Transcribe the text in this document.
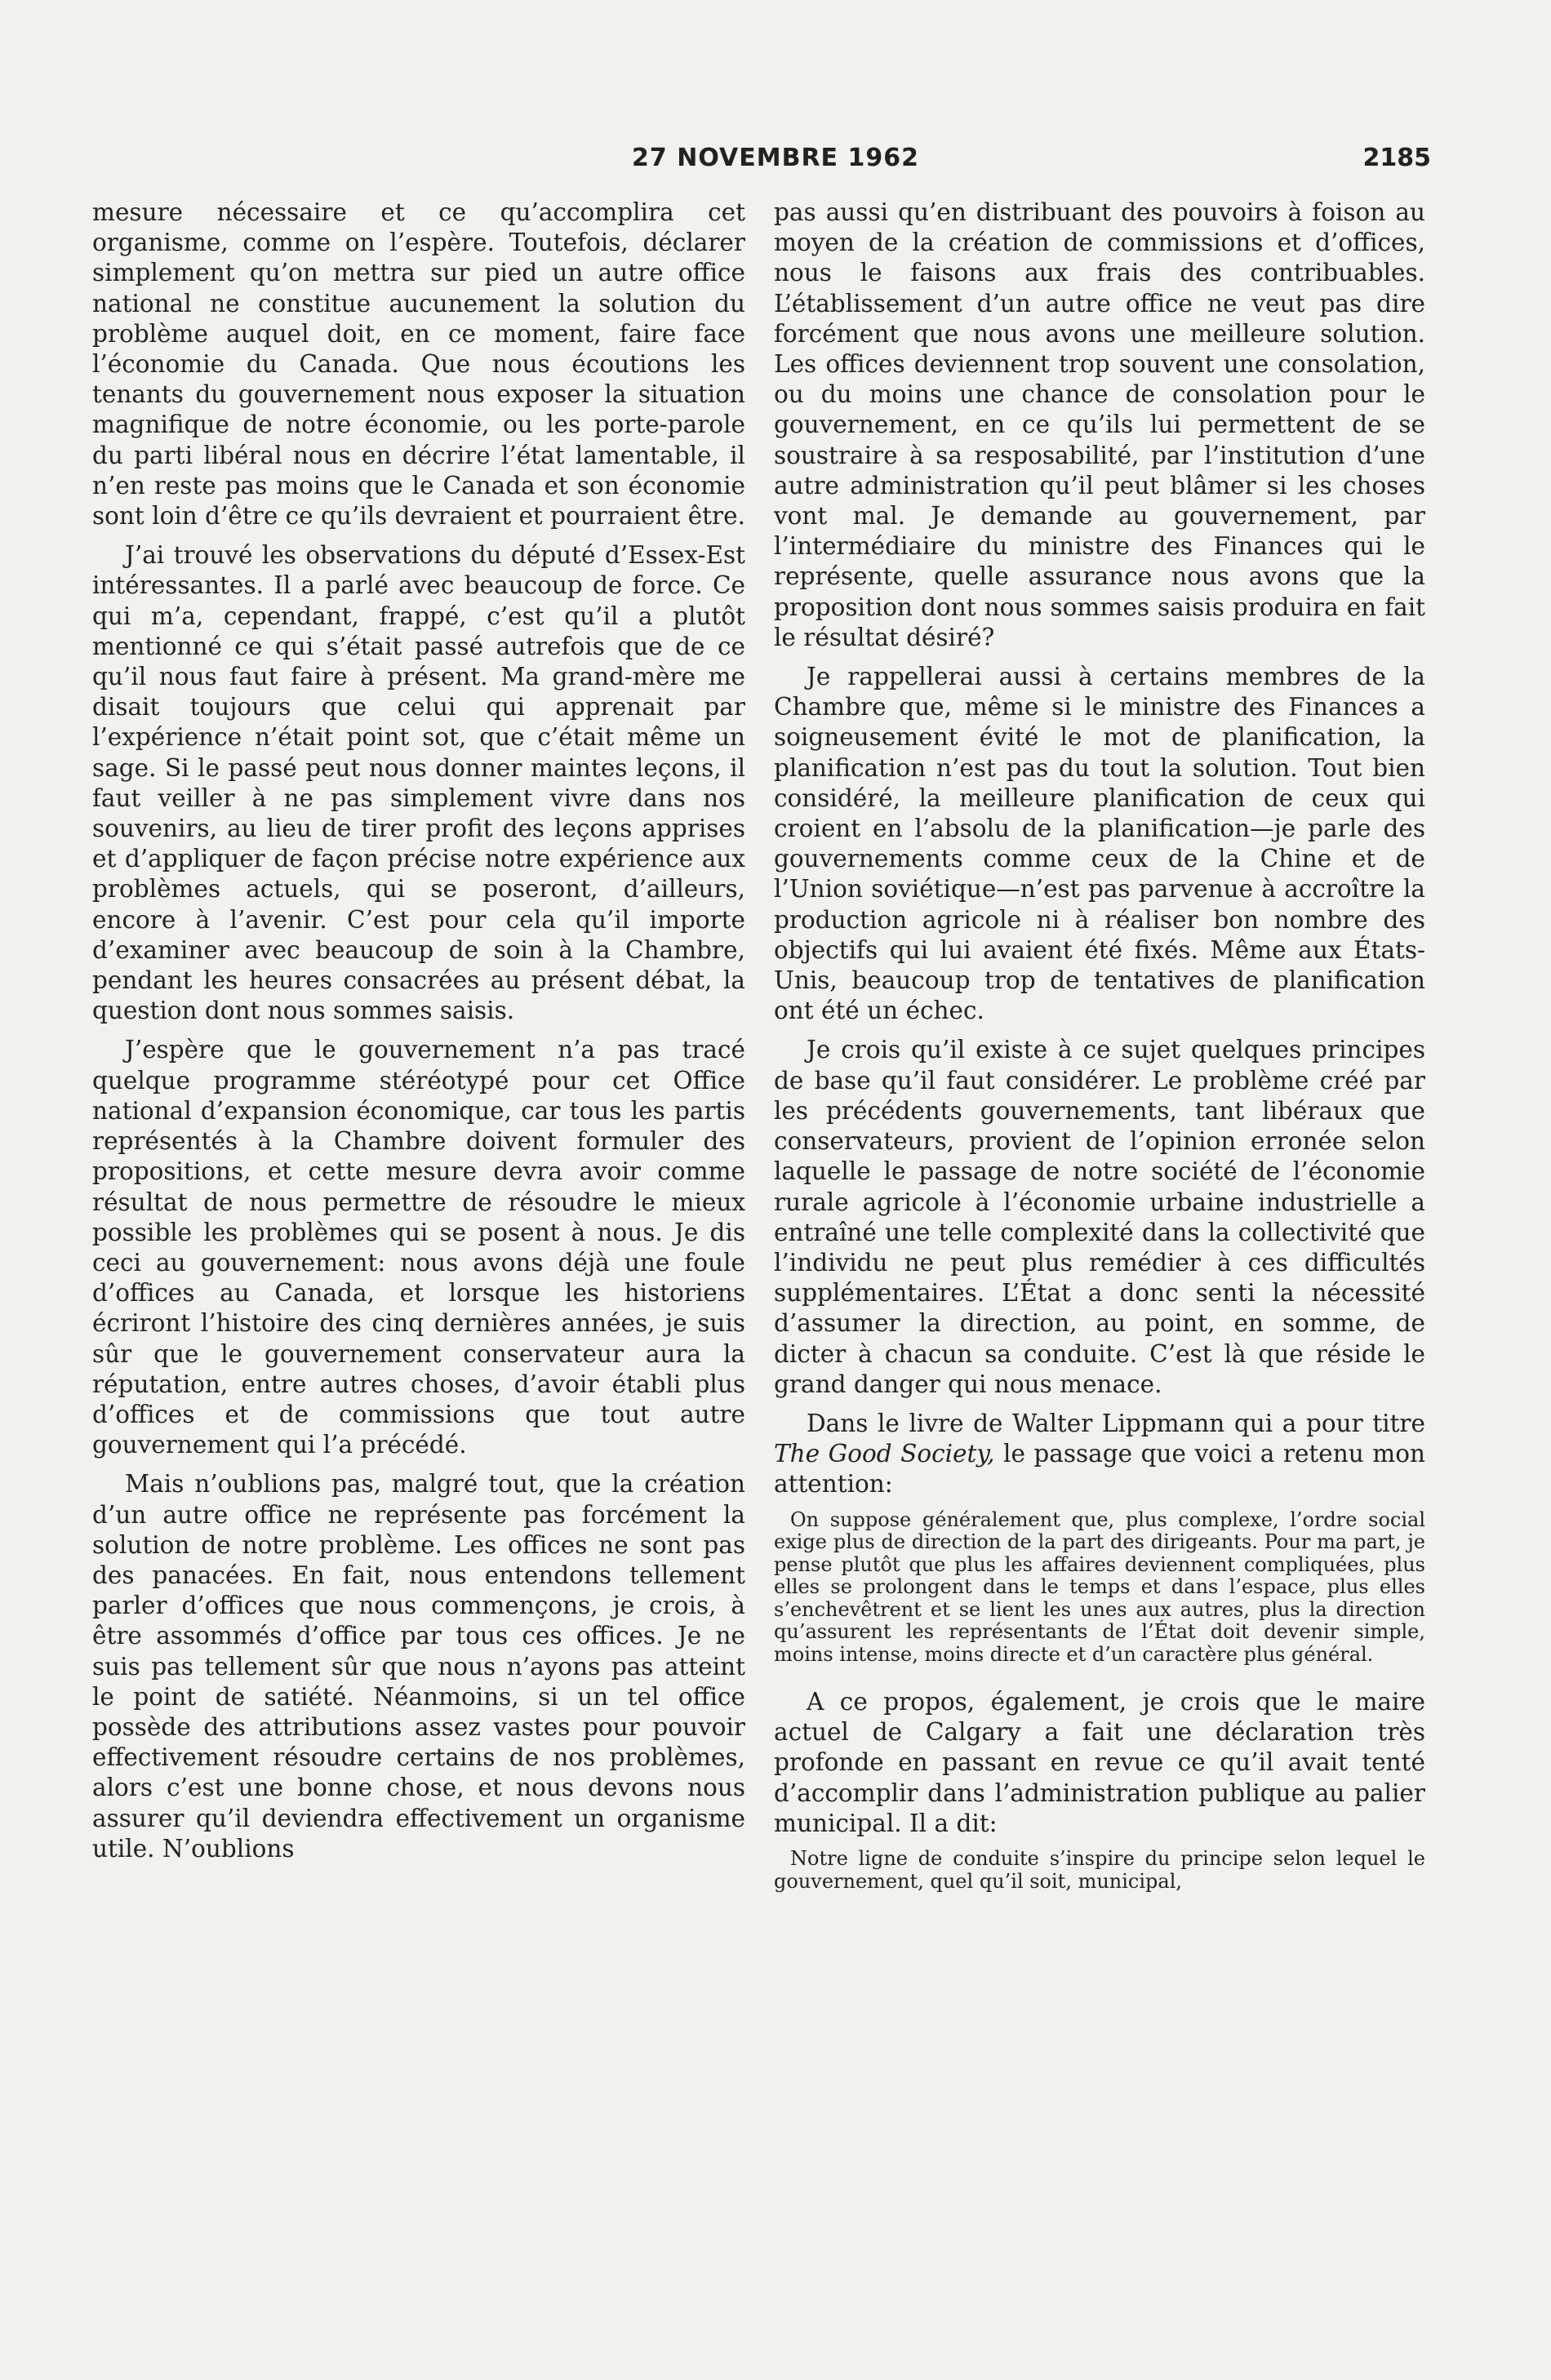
27 NOVEMBRE 1962	2185

mesure nécessaire et ce qu’accomplira cet organisme, comme on l’espère. Toutefois, déclarer simplement qu’on mettra sur pied un autre office national ne constitue aucunement la solution du problème auquel doit, en ce moment, faire face l’économie du Canada. Que nous écoutions les tenants du gouvernement nous exposer la situation magnifique de notre économie, ou les porte-parole du parti libéral nous en décrire l’état lamentable, il n’en reste pas moins que le Canada et son économie sont loin d’être ce qu’ils devraient et pourraient être.

J’ai trouvé les observations du député d’Essex-Est intéressantes. Il a parlé avec beaucoup de force. Ce qui m’a, cependant, frappé, c’est qu’il a plutôt mentionné ce qui s’était passé autrefois que de ce qu’il nous faut faire à présent. Ma grand-mère me disait toujours que celui qui apprenait par l’expérience n’était point sot, que c’était même un sage. Si le passé peut nous donner maintes leçons, il faut veiller à ne pas simplement vivre dans nos souvenirs, au lieu de tirer profit des leçons apprises et d’appliquer de façon précise notre expérience aux problèmes actuels, qui se poseront, d’ailleurs, encore à l’avenir. C’est pour cela qu’il importe d’examiner avec beaucoup de soin à la Chambre, pendant les heures consacrées au présent débat, la question dont nous sommes saisis.

J’espère que le gouvernement n’a pas tracé quelque programme stéréotypé pour cet Office national d’expansion économique, car tous les partis représentés à la Chambre doivent formuler des propositions, et cette mesure devra avoir comme résultat de nous permettre de résoudre le mieux possible les problèmes qui se posent à nous. Je dis ceci au gouvernement: nous avons déjà une foule d’offices au Canada, et lorsque les historiens écriront l’histoire des cinq dernières années, je suis sûr que le gouvernement conservateur aura la réputation, entre autres choses, d’avoir établi plus d’offices et de commissions que tout autre gouvernement qui l’a précédé.

Mais n’oublions pas, malgré tout, que la création d’un autre office ne représente pas forcément la solution de notre problème. Les offices ne sont pas des panacées. En fait, nous entendons tellement parler d’offices que nous commençons, je crois, à être assommés d’office par tous ces offices. Je ne suis pas tellement sûr que nous n’ayons pas atteint le point de satiété. Néanmoins, si un tel office possède des attributions assez vastes pour pouvoir effectivement résoudre certains de nos problèmes, alors c’est une bonne chose, et nous devons nous assurer qu’il deviendra effectivement un organisme utile. N’oublions

pas aussi qu’en distribuant des pouvoirs à foison au moyen de la création de commissions et d’offices, nous le faisons aux frais des contribuables. L’établissement d’un autre office ne veut pas dire forcément que nous avons une meilleure solution. Les offices deviennent trop souvent une consolation, ou du moins une chance de consolation pour le gouvernement, en ce qu’ils lui permettent de se soustraire à sa resposabilité, par l’institution d’une autre administration qu’il peut blâmer si les choses vont mal. Je demande au gouvernement, par l’intermédiaire du ministre des Finances qui le représente, quelle assurance nous avons que la proposition dont nous sommes saisis produira en fait le résultat désiré?

Je rappellerai aussi à certains membres de la Chambre que, même si le ministre des Finances a soigneusement évité le mot de planification, la planification n’est pas du tout la solution. Tout bien considéré, la meilleure planification de ceux qui croient en l’absolu de la planification—je parle des gouvernements comme ceux de la Chine et de l’Union soviétique—n’est pas parvenue à accroître la production agricole ni à réaliser bon nombre des objectifs qui lui avaient été fixés. Même aux États-Unis, beaucoup trop de tentatives de planification ont été un échec.

Je crois qu’il existe à ce sujet quelques principes de base qu’il faut considérer. Le problème créé par les précédents gouvernements, tant libéraux que conservateurs, provient de l’opinion erronée selon laquelle le passage de notre société de l’économie rurale agricole à l’économie urbaine industrielle a entraîné une telle complexité dans la collectivité que l’individu ne peut plus remédier à ces difficultés supplémentaires. L’État a donc senti la nécessité d’assumer la direction, au point, en somme, de dicter à chacun sa conduite. C’est là que réside le grand danger qui nous menace.

Dans le livre de Walter Lippmann qui a pour titre The Good Society, le passage que voici a retenu mon attention:

On suppose généralement que, plus complexe, l’ordre social exige plus de direction de la part des dirigeants. Pour ma part, je pense plutôt que plus les affaires deviennent compliquées, plus elles se prolongent dans le temps et dans l’espace, plus elles s’enchevêtrent et se lient les unes aux autres, plus la direction qu’assurent les représentants de l’État doit devenir simple, moins intense, moins directe et d’un caractère plus général.

A ce propos, également, je crois que le maire actuel de Calgary a fait une déclaration très profonde en passant en revue ce qu’il avait tenté d’accomplir dans l’administration publique au palier municipal. Il a dit:

Notre ligne de conduite s’inspire du principe selon lequel le gouvernement, quel qu’il soit, municipal,
